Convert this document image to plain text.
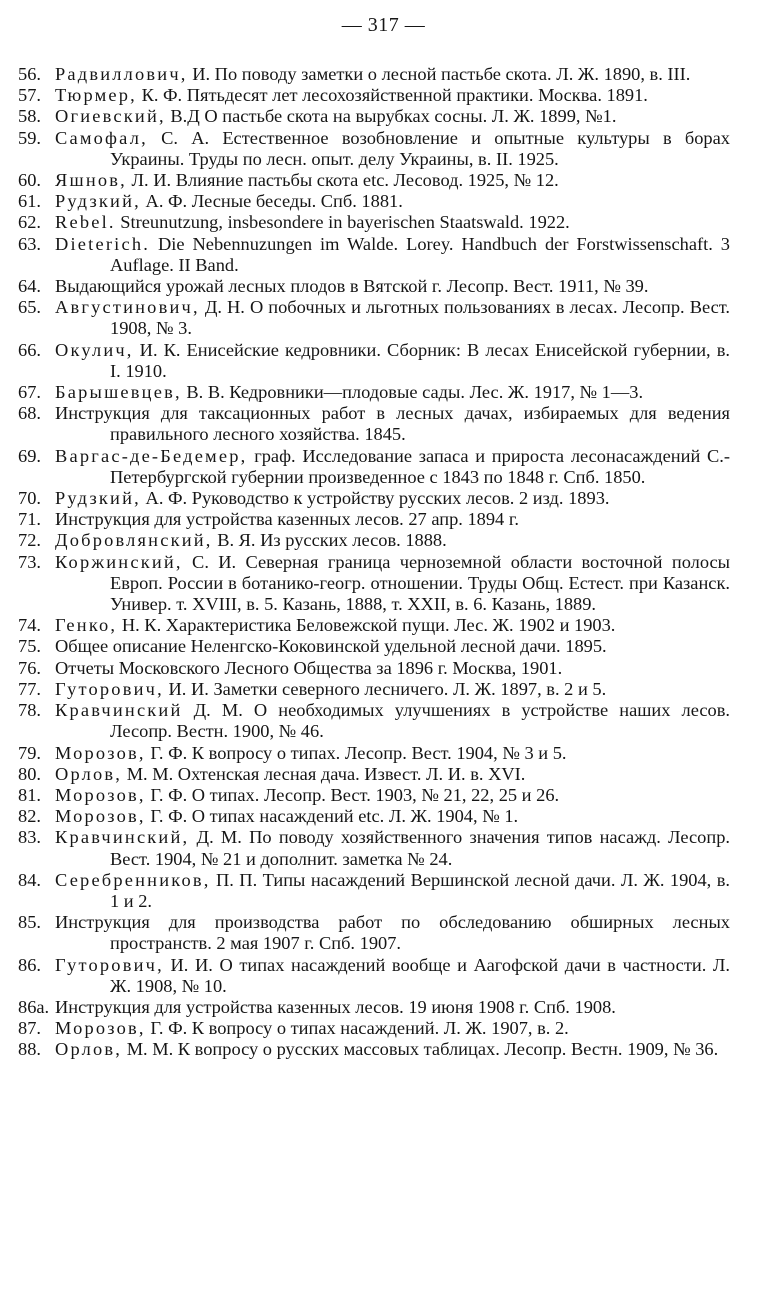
— 317 —
56. Радвиллович, И. По поводу заметки о лесной пастьбе скота. Л. Ж. 1890, в. III.
57. Тюрмер, К. Ф. Пятьдесят лет лесохозяйственной практики. Москва. 1891.
58. Огиевский, В.Д О пастьбе скота на вырубках сосны. Л. Ж. 1899, №1.
59. Самофал, С. А. Естественное возобновление и опытные культуры в борах Украины. Труды по лесн. опыт. делу Украины, в. II. 1925.
60. Яшнов, Л. И. Влияние пастьбы скота etc. Лесовод. 1925, № 12.
61. Рудзкий, А. Ф. Лесные беседы. Спб. 1881.
62. Rebel. Streunutzung, insbesondere in bayerischen Staatswald. 1922.
63. Dieterich. Die Nebennuzungen im Walde. Lorey. Handbuch der Forstwissenschaft. 3 Auflage. II Band.
64. Выдающийся урожай лесных плодов в Вятской г. Лесопр. Вест. 1911, № 39.
65. Августинович, Д. Н. О побочных и льготных пользованиях в лесах. Лесопр. Вест. 1908, № 3.
66. Окулич, И. К. Енисейские кедровники. Сборник: В лесах Енисейской губернии, в. I. 1910.
67. Барышевцев, В. В. Кедровники—плодовые сады. Лес. Ж. 1917, № 1—3.
68. Инструкция для таксационных работ в лесных дачах, избираемых для ведения правильного лесного хозяйства. 1845.
69. Варгас-де-Бедемер, граф. Исследование запаса и прироста лесонасаждений С.-Петербургской губернии произведенное с 1843 по 1848 г. Спб. 1850.
70. Рудзкий, А. Ф. Руководство к устройству русских лесов. 2 изд. 1893.
71. Инструкция для устройства казенных лесов. 27 апр. 1894 г.
72. Добровлянский, В. Я. Из русских лесов. 1888.
73. Коржинский, С. И. Северная граница черноземной области восточной полосы Европ. России в ботанико-геогр. отношении. Труды Общ. Естест. при Казанск. Унивеp. т. XVIII, в. 5. Казань, 1888, т. XXII, в. 6. Казань, 1889.
74. Генко, Н. К. Характеристика Беловежской пущи. Лес. Ж. 1902 и 1903.
75. Общее описание Неленгско-Коковинской удельной лесной дачи. 1895.
76. Отчеты Московского Лесного Общества за 1896 г. Москва, 1901.
77. Гуторович, И. И. Заметки северного лесничего. Л. Ж. 1897, в. 2 и 5.
78. Кравчинский Д. М. О необходимых улучшениях в устройстве наших лесов. Лесопр. Вестн. 1900, № 46.
79. Морозов, Г. Ф. К вопросу о типах. Лесопр. Вест. 1904, № 3 и 5.
80. Орлов, М. М. Охтенская лесная дача. Извест. Л. И. в. XVI.
81. Морозов, Г. Ф. О типах. Лесопр. Вест. 1903, № 21, 22, 25 и 26.
82. Морозов, Г. Ф. О типах насаждений etc. Л. Ж. 1904, № 1.
83. Кравчинский, Д. М. По поводу хозяйственного значения типов насажд. Лесопр. Вест. 1904, № 21 и дополнит. заметка № 24.
84. Серебренников, П. П. Типы насаждений Вершинской лесной дачи. Л. Ж. 1904, в. 1 и 2.
85. Инструкция для производства работ по обследованию обширных лесных пространств. 2 мая 1907 г. Спб. 1907.
86. Гуторович, И. И. О типах насаждений вообще и Аагофской дачи в частности. Л. Ж. 1908, № 10.
86а. Инструкция для устройства казенных лесов. 19 июня 1908 г. Спб. 1908.
87. Морозов, Г. Ф. К вопросу о типах насаждений. Л. Ж. 1907, в. 2.
88. Орлов, М. М. К вопросу о русских массовых таблицах. Лесопр. Вестн. 1909, № 36.
